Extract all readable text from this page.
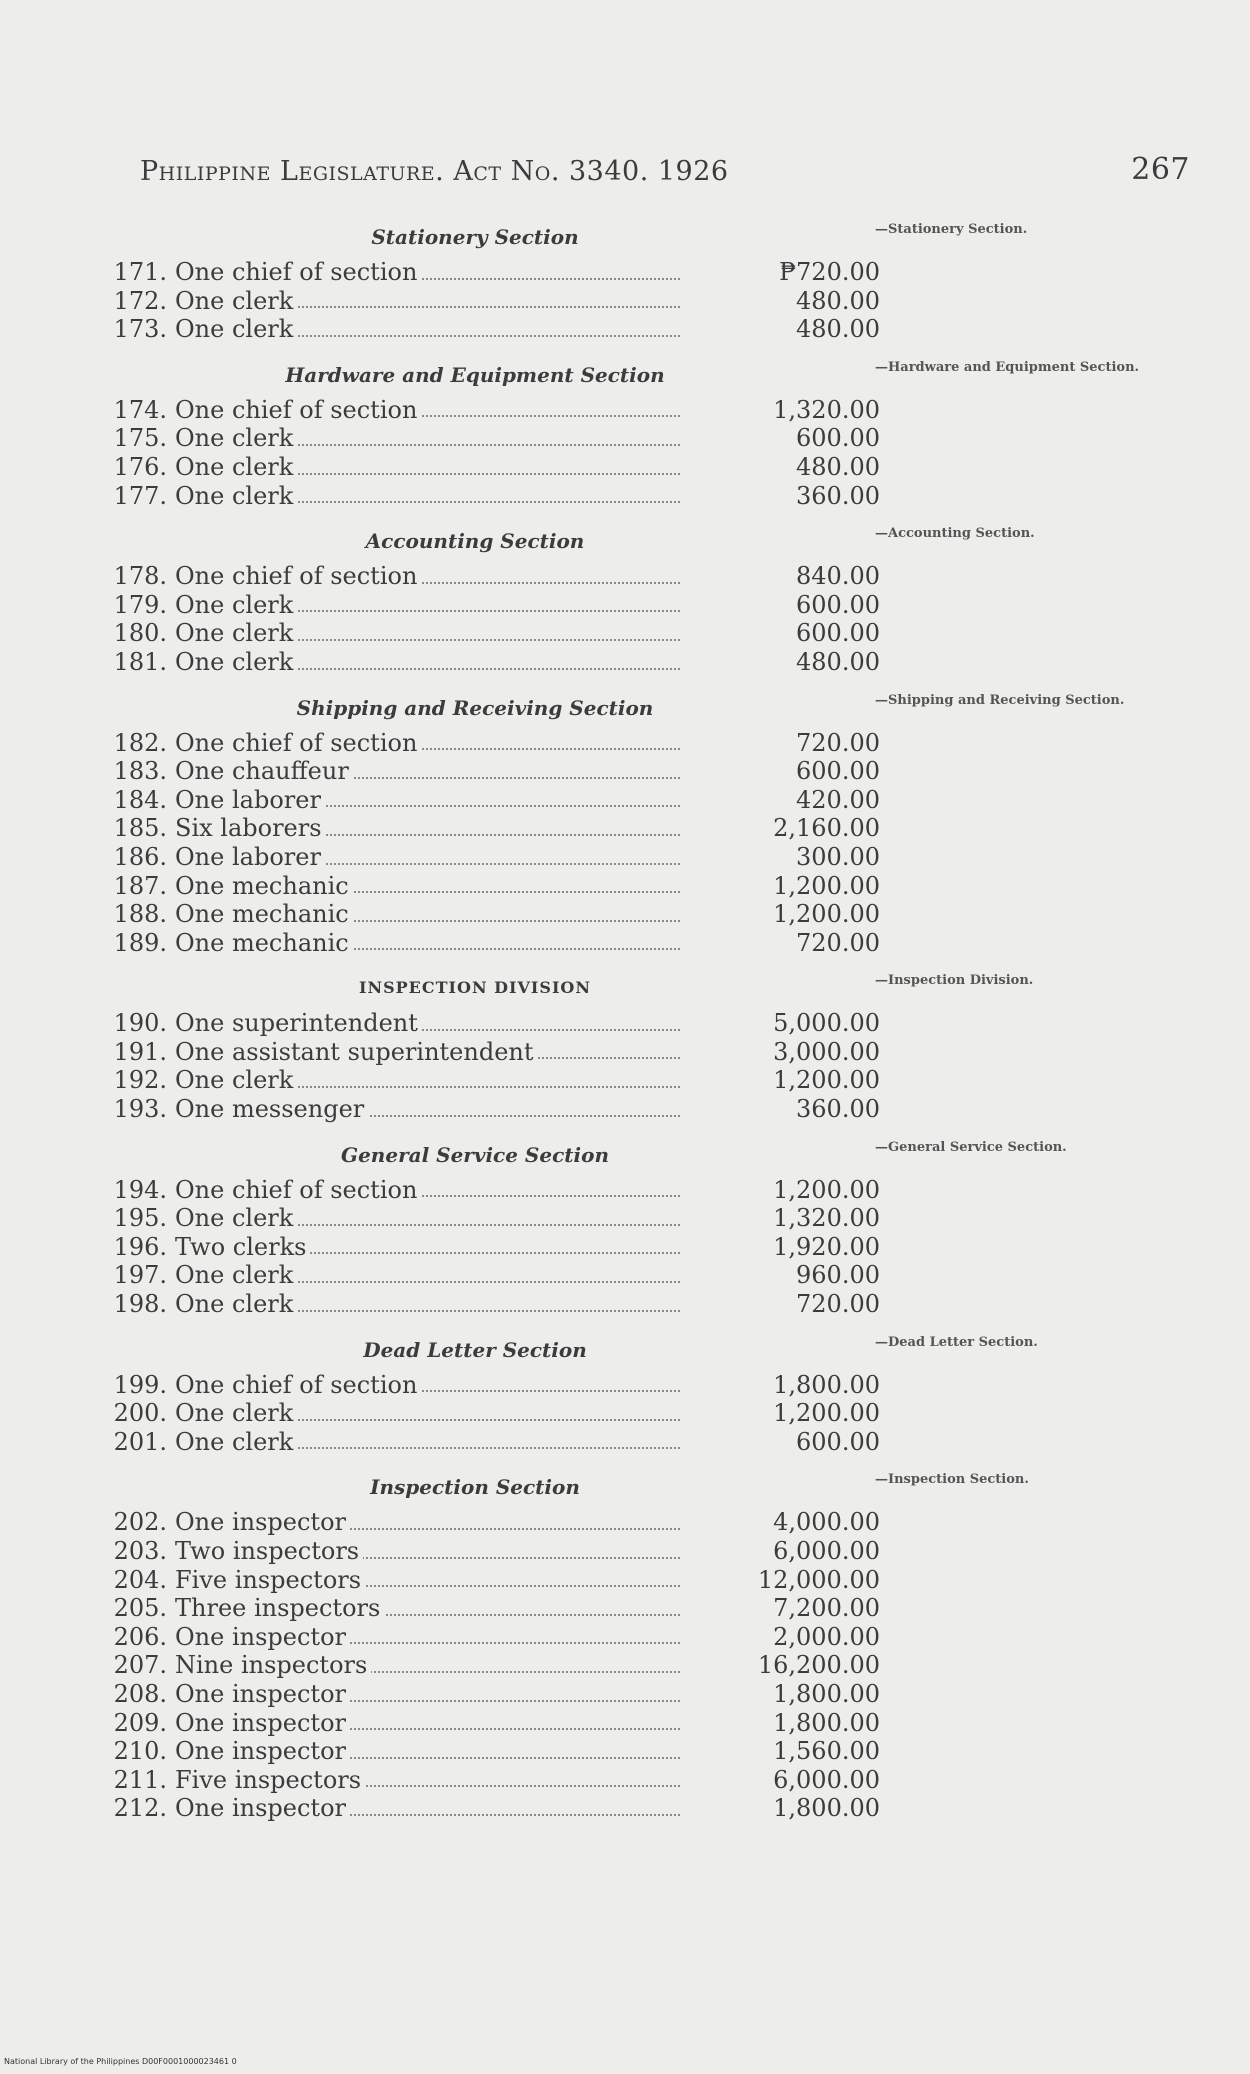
Philippine Legislature. Act No. 3340. 1926	267
Stationery Section	—Stationery Section.
171. One chief of section	₱720.00
172. One clerk	480.00
173. One clerk	480.00
Hardware and Equipment Section	—Hardware and Equipment Section.
174. One chief of section	1,320.00
175. One clerk	600.00
176. One clerk	480.00
177. One clerk	360.00
Accounting Section	—Accounting Section.
178. One chief of section	840.00
179. One clerk	600.00
180. One clerk	600.00
181. One clerk	480.00
Shipping and Receiving Section	—Shipping and Receiving Section.
182. One chief of section	720.00
183. One chauffeur	600.00
184. One laborer	420.00
185. Six laborers	2,160.00
186. One laborer	300.00
187. One mechanic	1,200.00
188. One mechanic	1,200.00
189. One mechanic	720.00
INSPECTION DIVISION	—Inspection Division.
190. One superintendent	5,000.00
191. One assistant superintendent	3,000.00
192. One clerk	1,200.00
193. One messenger	360.00
General Service Section	—General Service Section.
194. One chief of section	1,200.00
195. One clerk	1,320.00
196. Two clerks	1,920.00
197. One clerk	960.00
198. One clerk	720.00
Dead Letter Section	—Dead Letter Section.
199. One chief of section	1,800.00
200. One clerk	1,200.00
201. One clerk	600.00
Inspection Section	—Inspection Section.
202. One inspector	4,000.00
203. Two inspectors	6,000.00
204. Five inspectors	12,000.00
205. Three inspectors	7,200.00
206. One inspector	2,000.00
207. Nine inspectors	16,200.00
208. One inspector	1,800.00
209. One inspector	1,800.00
210. One inspector	1,560.00
211. Five inspectors	6,000.00
212. One inspector	1,800.00
National Library of the Philippines D00F0001000023461 0
